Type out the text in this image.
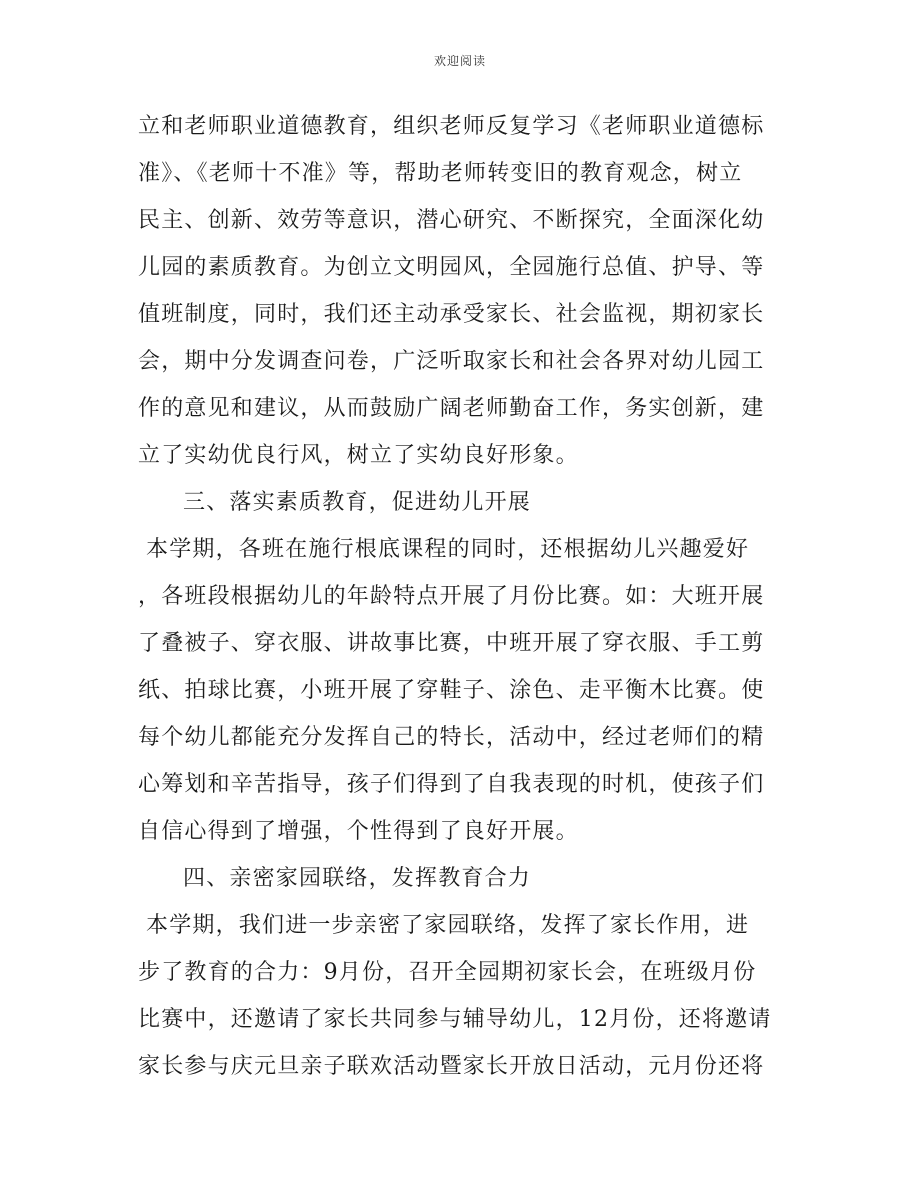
欢迎阅读
立和老师职业道德教育，组织老师反复学习《老师职业道德标
准》、《老师十不准》等，帮助老师转变旧的教育观念，树立
民主、创新、效劳等意识，潜心研究、不断探究，全面深化幼
儿园的素质教育。为创立文明园风，全园施行总值、护导、等
值班制度，同时，我们还主动承受家长、社会监视，期初家长
会，期中分发调查问卷，广泛听取家长和社会各界对幼儿园工
作的意见和建议，从而鼓励广阔老师勤奋工作，务实创新，建
立了实幼优良行风，树立了实幼良好形象。
三、落实素质教育，促进幼儿开展
本学期，各班在施行根底课程的同时，还根据幼儿兴趣爱好
，各班段根据幼儿的年龄特点开展了月份比赛。如：大班开展
了叠被子、穿衣服、讲故事比赛，中班开展了穿衣服、手工剪
纸、拍球比赛，小班开展了穿鞋子、涂色、走平衡木比赛。使
每个幼儿都能充分发挥自己的特长，活动中，经过老师们的精
心筹划和辛苦指导，孩子们得到了自我表现的时机，使孩子们
自信心得到了增强，个性得到了良好开展。
四、亲密家园联络，发挥教育合力
本学期，我们进一步亲密了家园联络，发挥了家长作用，进
步了教育的合力：9月份，召开全园期初家长会，在班级月份
比赛中，还邀请了家长共同参与辅导幼儿，12月份，还将邀请
家长参与庆元旦亲子联欢活动暨家长开放日活动，元月份还将
